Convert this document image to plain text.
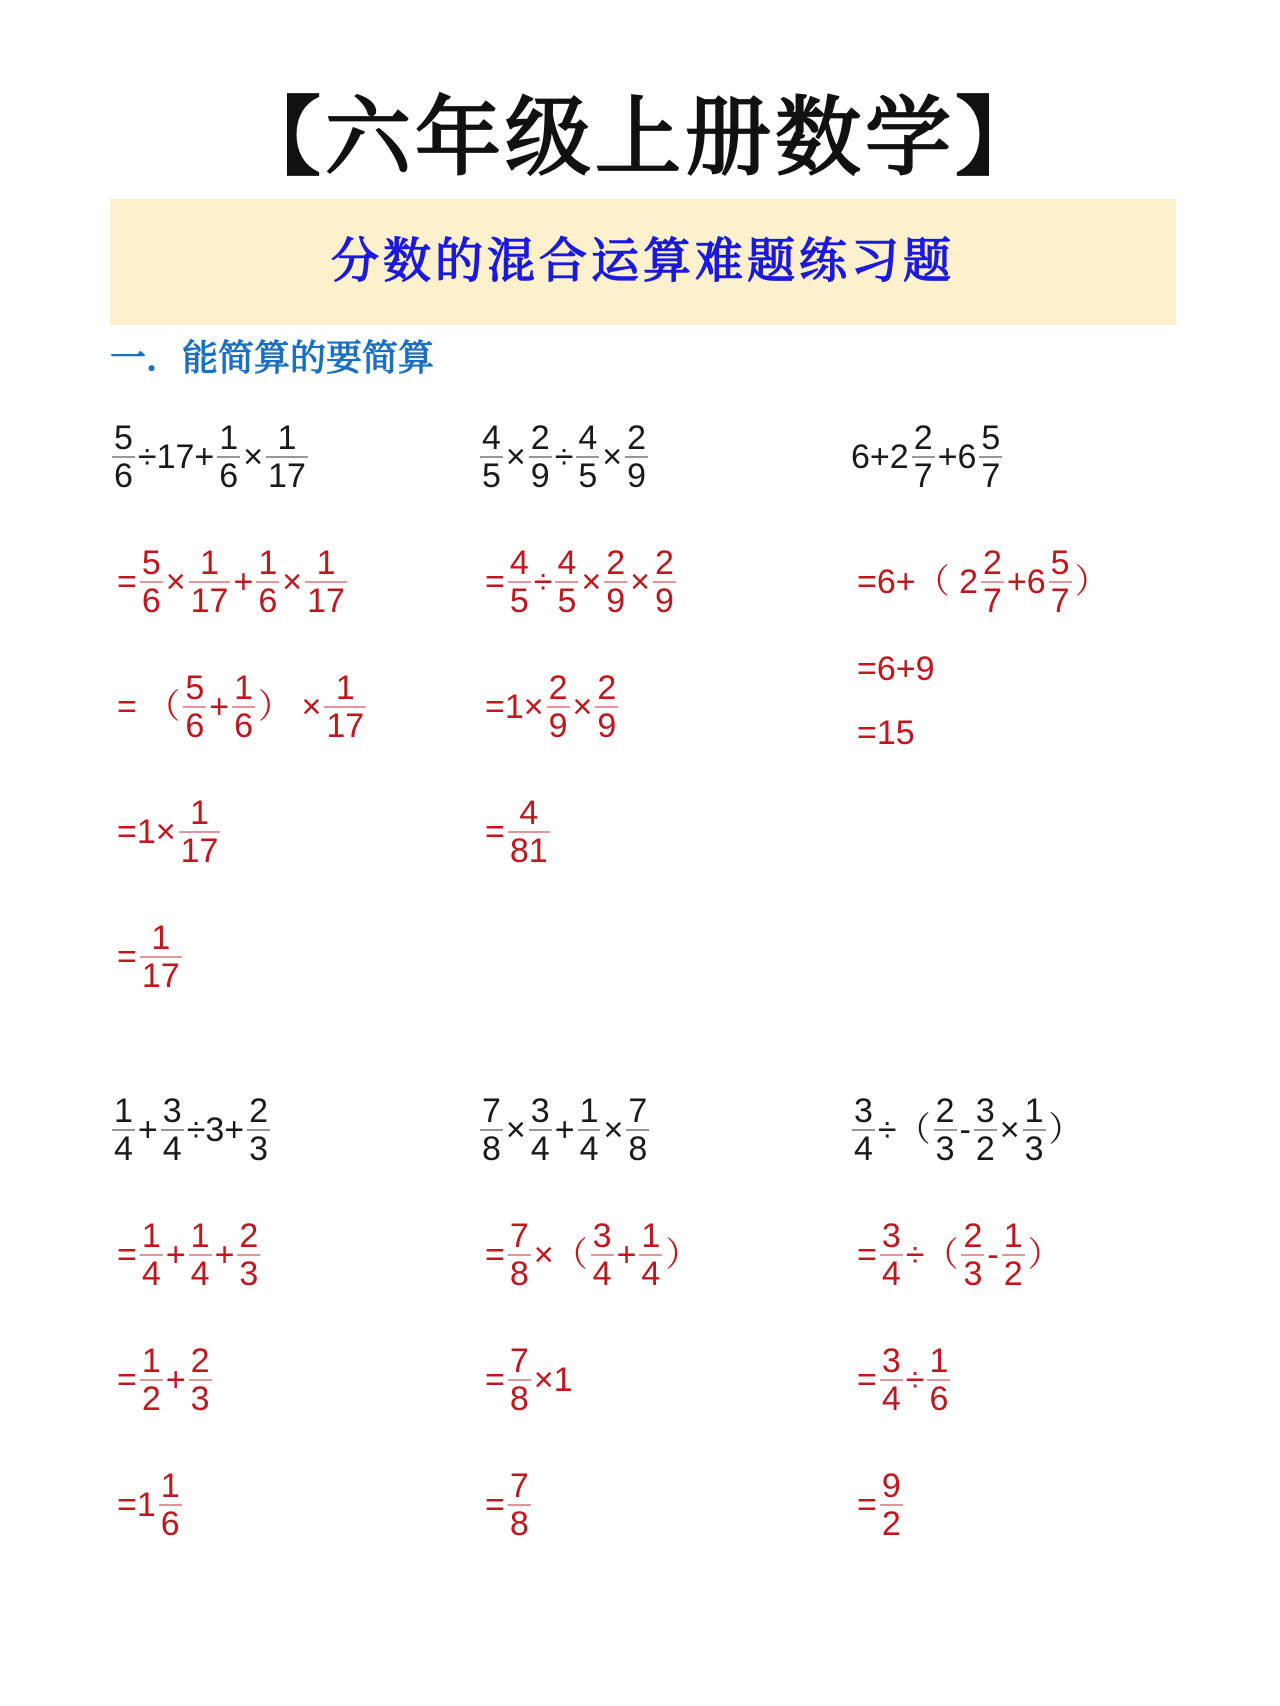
【六年级上册数学】
分数的混合运算难题练习题
一．能简算的要简算
5
6 ÷17+ 1
6 × 1
17
= 5
6 × 1
17 + 1
6 × 1
17
= （ 5
6 + 1
6 ） × 1
17
=1× 1
17
= 1
17
4
5 × 2
9 ÷ 4
5 × 2
9
= 4
5 ÷ 4
5 × 2
9 × 2
9
=1× 2
9 × 2
9
= 4
81
6+2 2
7 +6 5
7
=6+（ 2 2
7 +6 5
7 ）
=6+9
=15
1
4 + 3
4 ÷3+ 2
3
= 1
4 + 1
4 + 2
3
= 1
2 + 2
3
=1 1
6
7
8 × 3
4 + 1
4 × 7
8
= 7
8 ×（ 3
4 + 1
4 ）
= 7
8 ×1
= 7
8
3
4 ÷（ 2
3 - 3
2 × 1
3 ）
= 3
4 ÷（ 2
3 - 1
2 ）
= 3
4 ÷ 1
6
= 9
2
